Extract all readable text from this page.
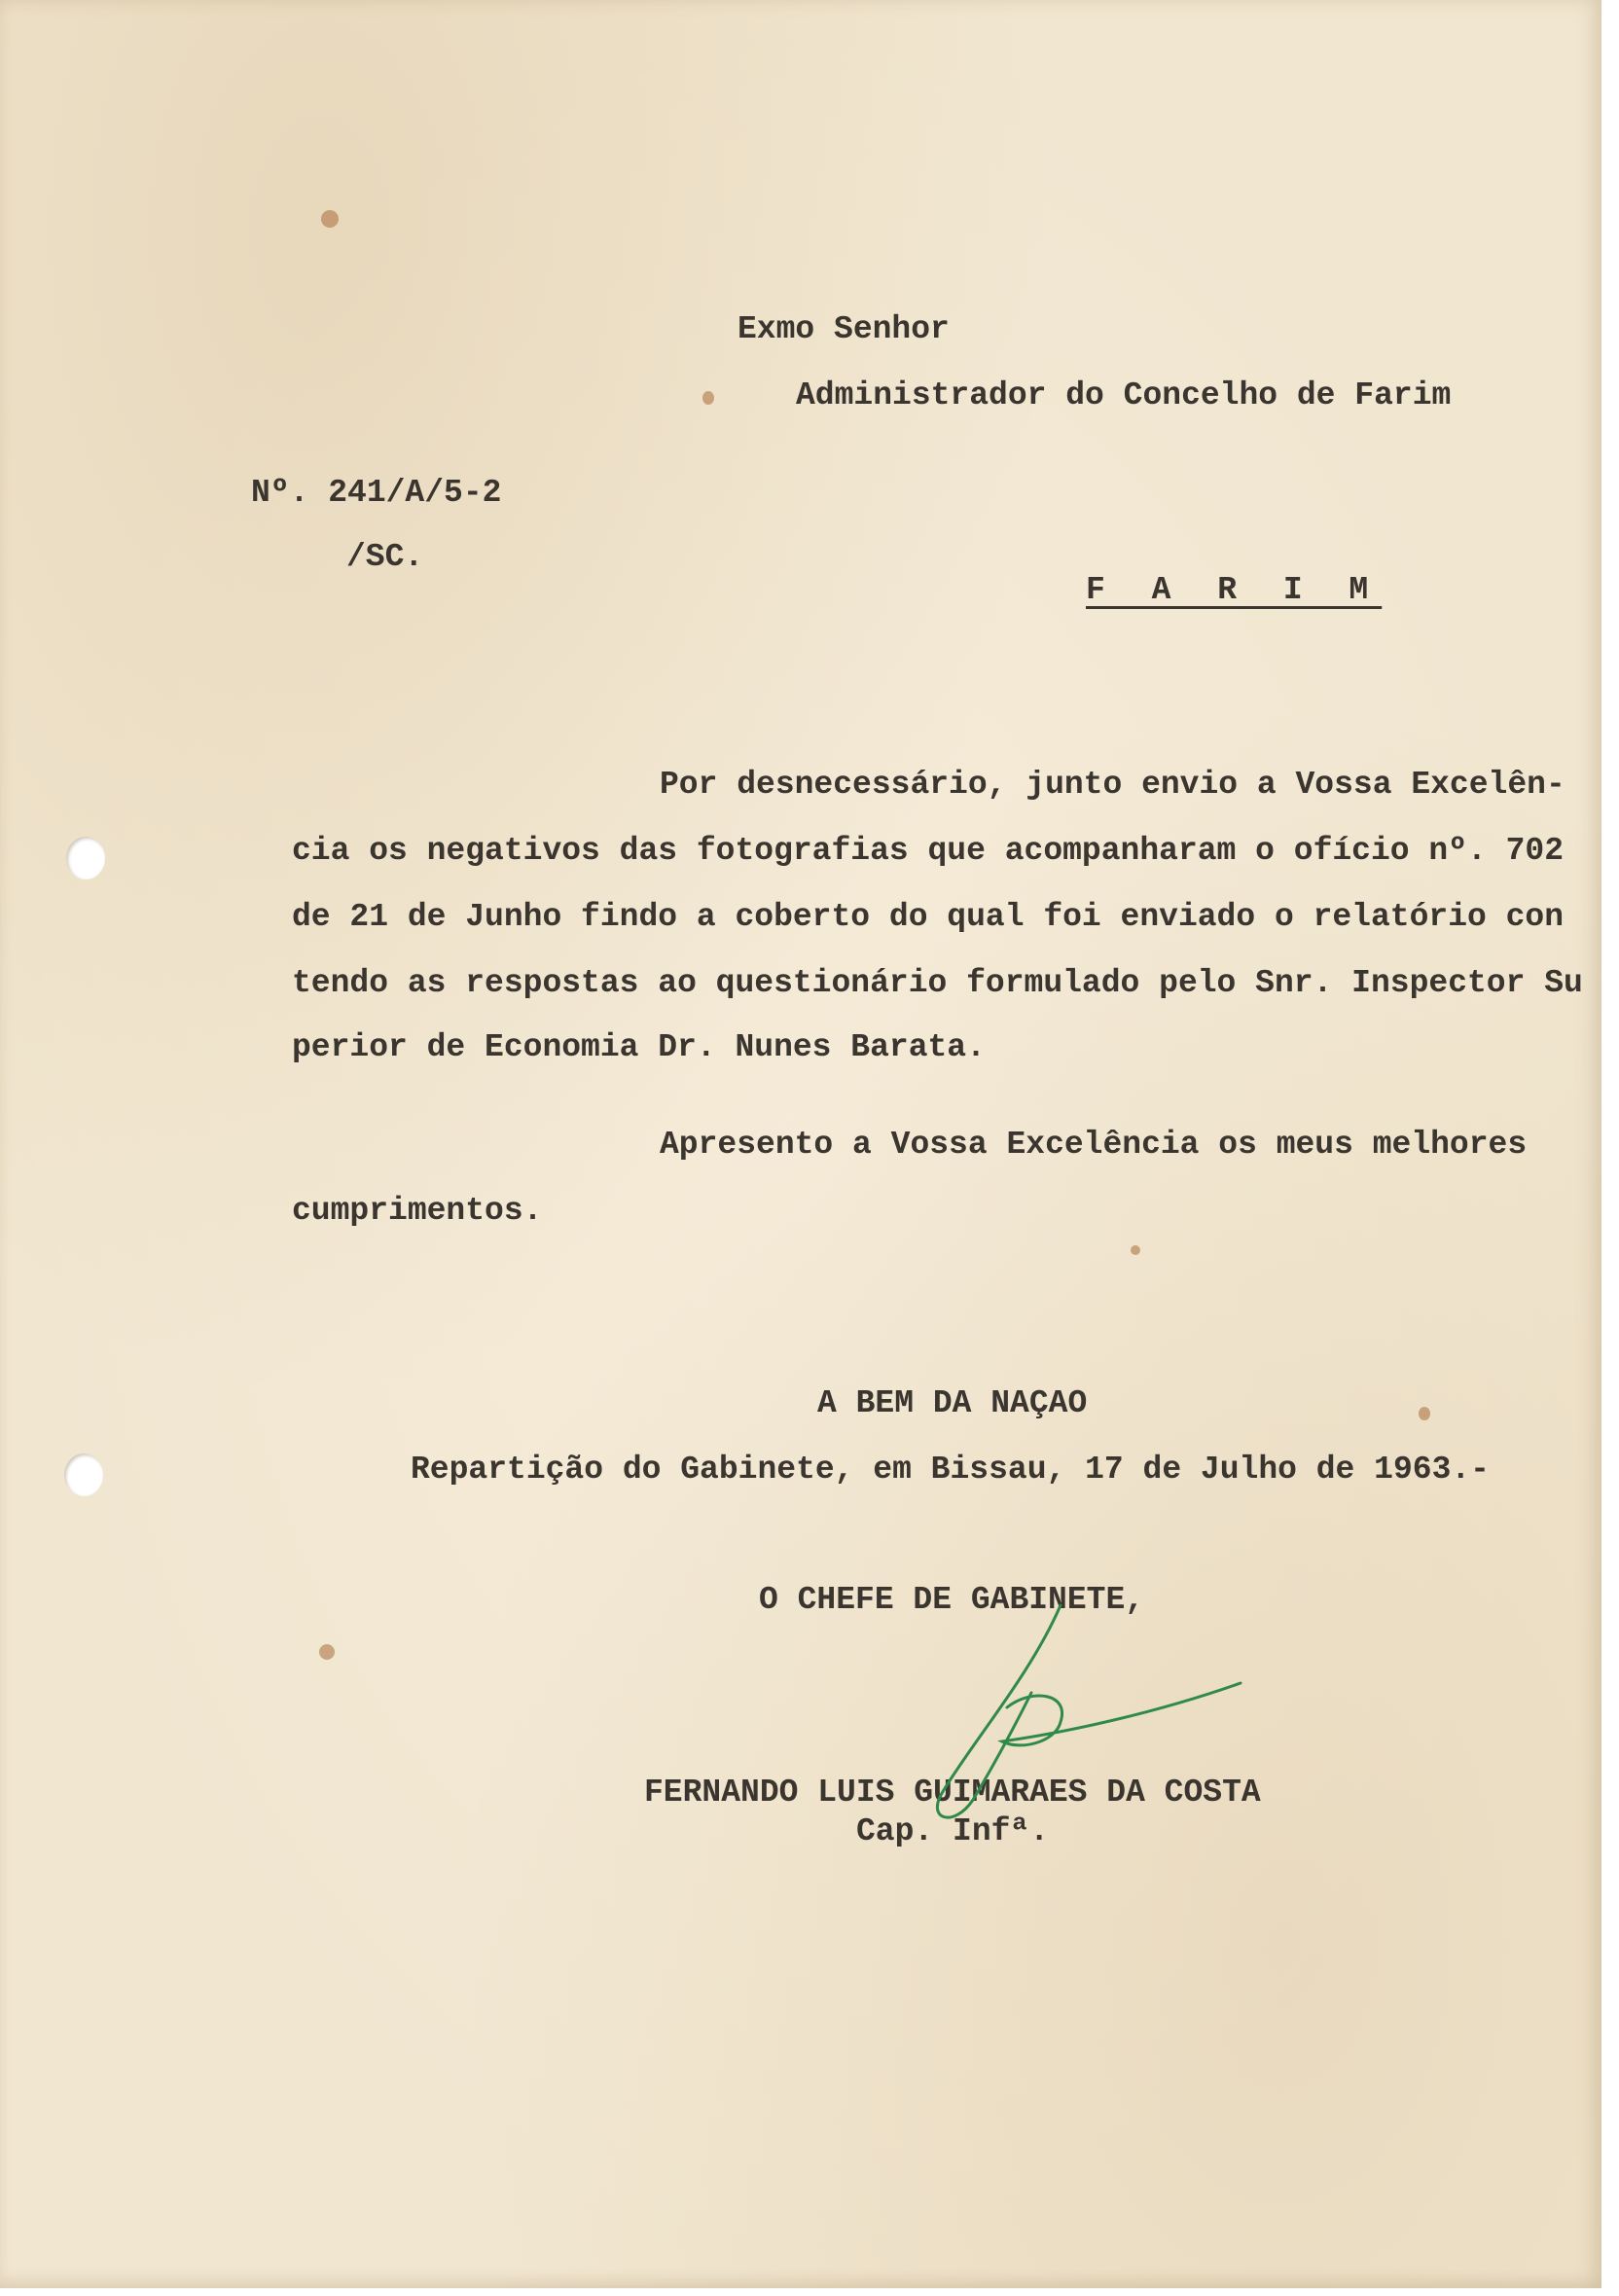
Exmo Senhor
Administrador do Concelho de Farim
Nº. 241/A/5-2
/SC.
F A R I M
Por desnecessário, junto envio a Vossa Excelên-
cia os negativos das fotografias que acompanharam o ofício nº. 702
de 21 de Junho findo a coberto do qual foi enviado o relatório con
tendo as respostas ao questionário formulado pelo Snr. Inspector Su
perior de Economia Dr. Nunes Barata.
Apresento a Vossa Excelência os meus melhores
cumprimentos.
A BEM DA NAÇAO
Repartição do Gabinete, em Bissau, 17 de Julho de 1963.-
O CHEFE DE GABINETE,
FERNANDO LUIS GUIMARAES DA COSTA
Cap. Infª.
